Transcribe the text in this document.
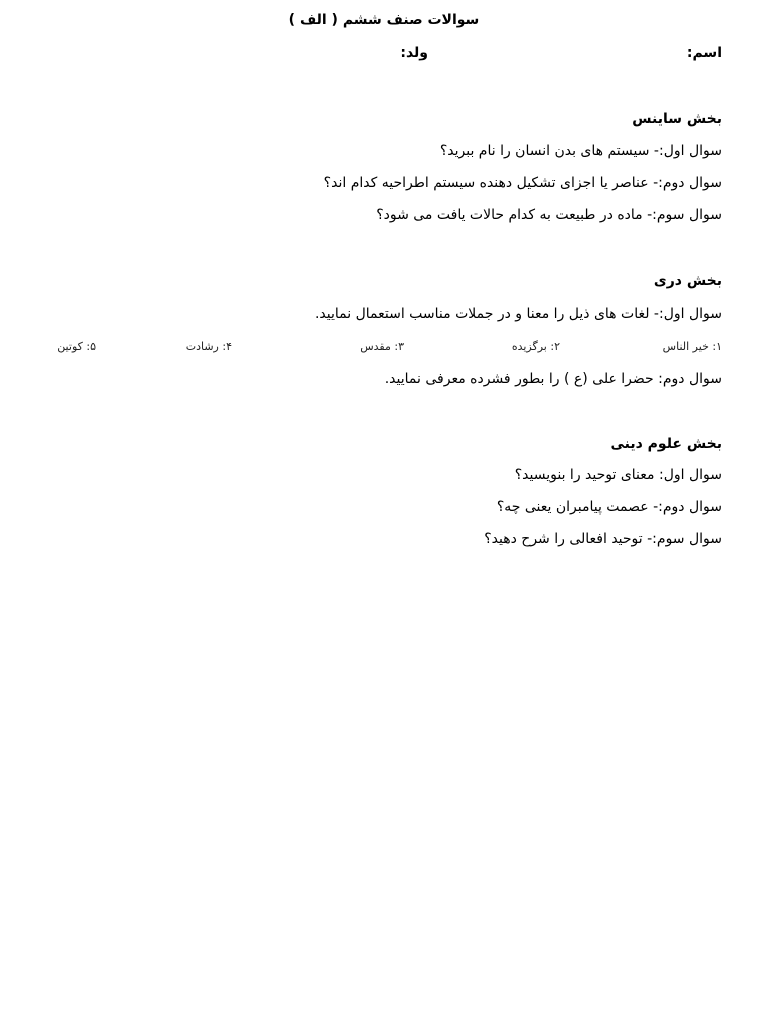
سوالات صنف ششم ( الف )
اسم:
ولد:
بخش ساینس
سوال اول:- سیستم های بدن انسان را نام ببرید؟
سوال دوم:- عناصر یا اجزای تشکیل دهنده سیستم اطراحیه کدام اند؟
سوال سوم:- ماده در طبیعت به کدام حالات یافت می شود؟
بخش دری
سوال اول:- لغات های ذیل را معنا و در جملات مناسب استعمال نمایید.
۱: خیر الناس
۲: برگزیده
۳: مقدس
۴: رشادت
۵: کوتین
سوال دوم: حضرا علی (ع ) را بطور فشرده معرفی نمایید.
بخش علوم دینی
سوال اول: معنای توحید را بنویسید؟
سوال دوم:- عصمت پیامبران یعنی چه؟
سوال سوم:- توحید افعالی را شرح دهید؟
